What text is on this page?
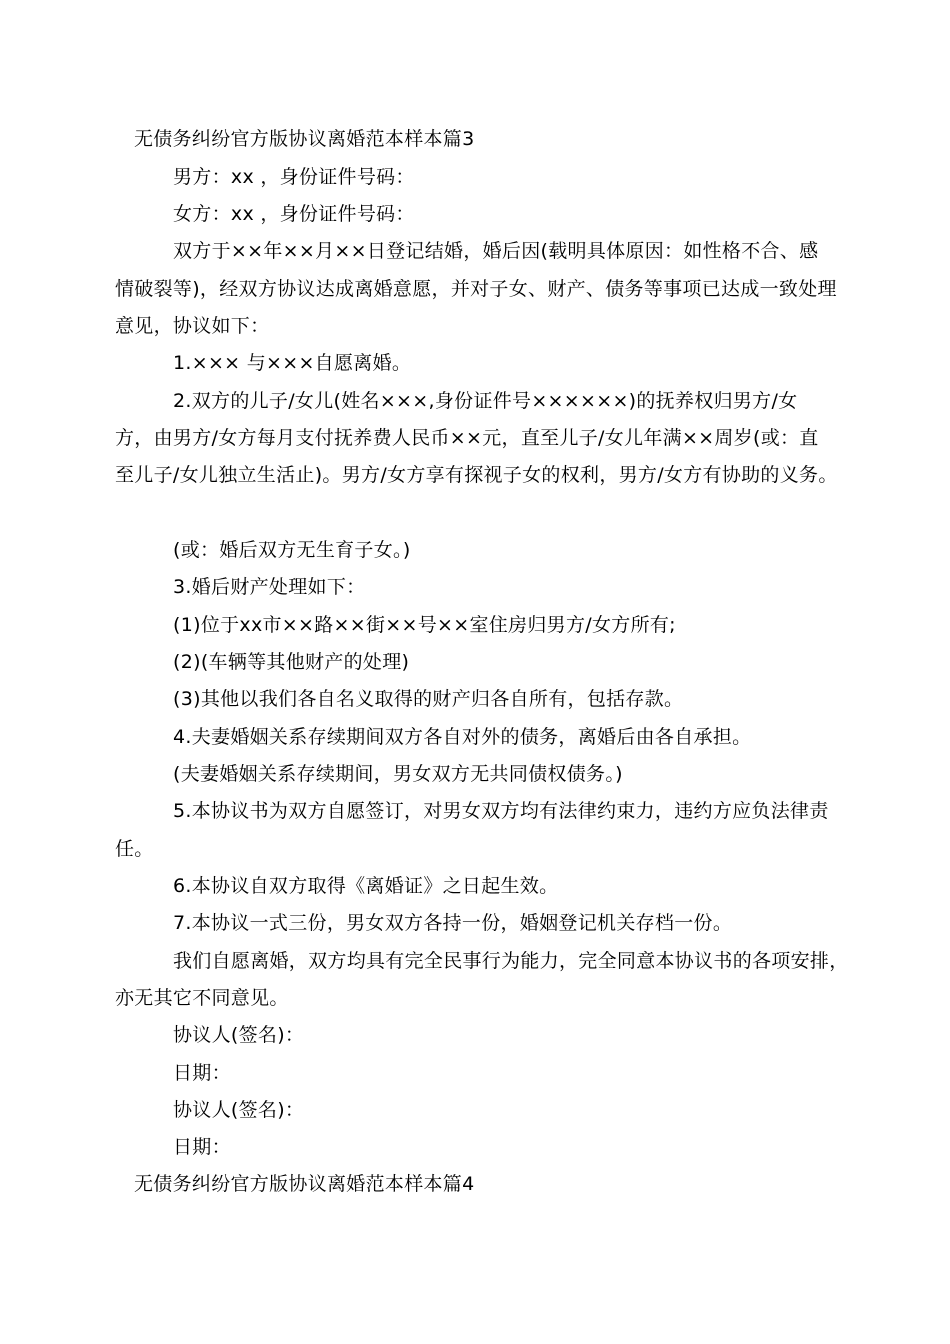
无债务纠纷官方版协议离婚范本样本篇3
男方：xx ，身份证件号码：
女方：xx ，身份证件号码：
双方于××年××月××日登记结婚，婚后因(载明具体原因：如性格不合、感
情破裂等)，经双方协议达成离婚意愿，并对子女、财产、债务等事项已达成一致处理
意见，协议如下：
1.××× 与×××自愿离婚。
2.双方的儿子/女儿(姓名×××,身份证件号××××××)的抚养权归男方/女
方，由男方/女方每月支付抚养费人民币××元，直至儿子/女儿年满××周岁(或：直
至儿子/女儿独立生活止)。男方/女方享有探视子女的权利，男方/女方有协助的义务。
(或：婚后双方无生育子女。)
3.婚后财产处理如下：
(1)位于xx市××路××街××号××室住房归男方/女方所有;
(2)(车辆等其他财产的处理)
(3)其他以我们各自名义取得的财产归各自所有，包括存款。
4.夫妻婚姻关系存续期间双方各自对外的债务，离婚后由各自承担。
(夫妻婚姻关系存续期间，男女双方无共同债权债务。)
5.本协议书为双方自愿签订，对男女双方均有法律约束力，违约方应负法律责
任。
6.本协议自双方取得《离婚证》之日起生效。
7.本协议一式三份，男女双方各持一份，婚姻登记机关存档一份。
我们自愿离婚，双方均具有完全民事行为能力，完全同意本协议书的各项安排，
亦无其它不同意见。
协议人(签名)：
日期：
协议人(签名)：
日期：
无债务纠纷官方版协议离婚范本样本篇4
